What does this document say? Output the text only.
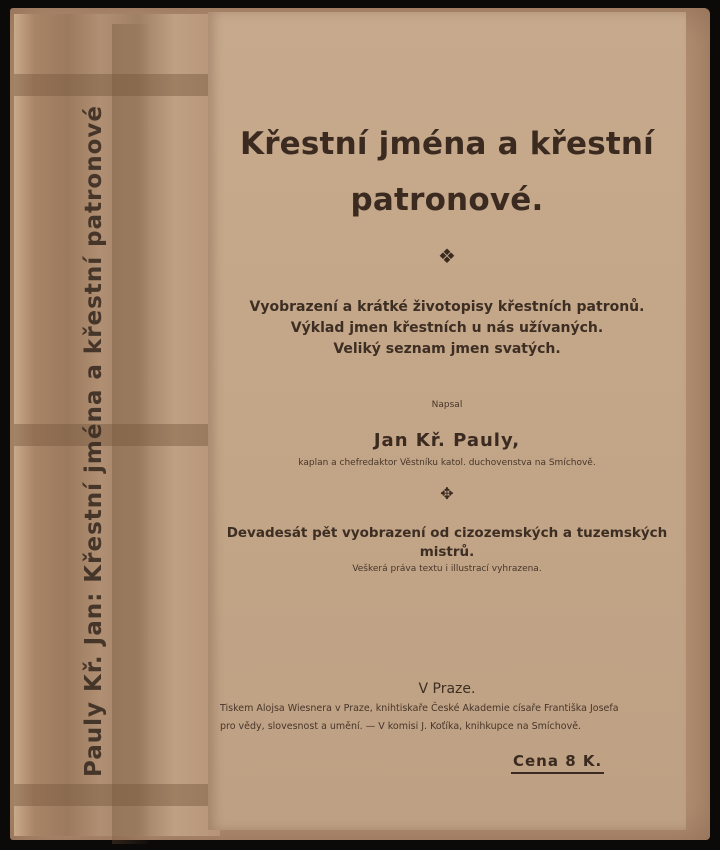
Pauly Kř. Jan: Křestní jména a křestní patronové	Křestní jména a křestní
patronové.
❖
Vyobrazení a krátké životopisy křestních patronů.
Výklad jmen křestních u nás užívaných.
Veliký seznam jmen svatých.
Napsal
Jan Kř. Pauly,
kaplan a chefredaktor Věstníku katol. duchovenstva na Smíchově.
✥
Devadesát pět vyobrazení od cizozemských a tuzemských mistrů.
Veškerá práva textu i illustrací vyhrazena.
V Praze.
Tiskem Alojsa Wiesnera v Praze, knihtiskaře České Akademie císaře Františka Josefa
pro vědy, slovesnost a umění. — V komisi J. Koťíka, knihkupce na Smíchově.
Cena 8 K.
